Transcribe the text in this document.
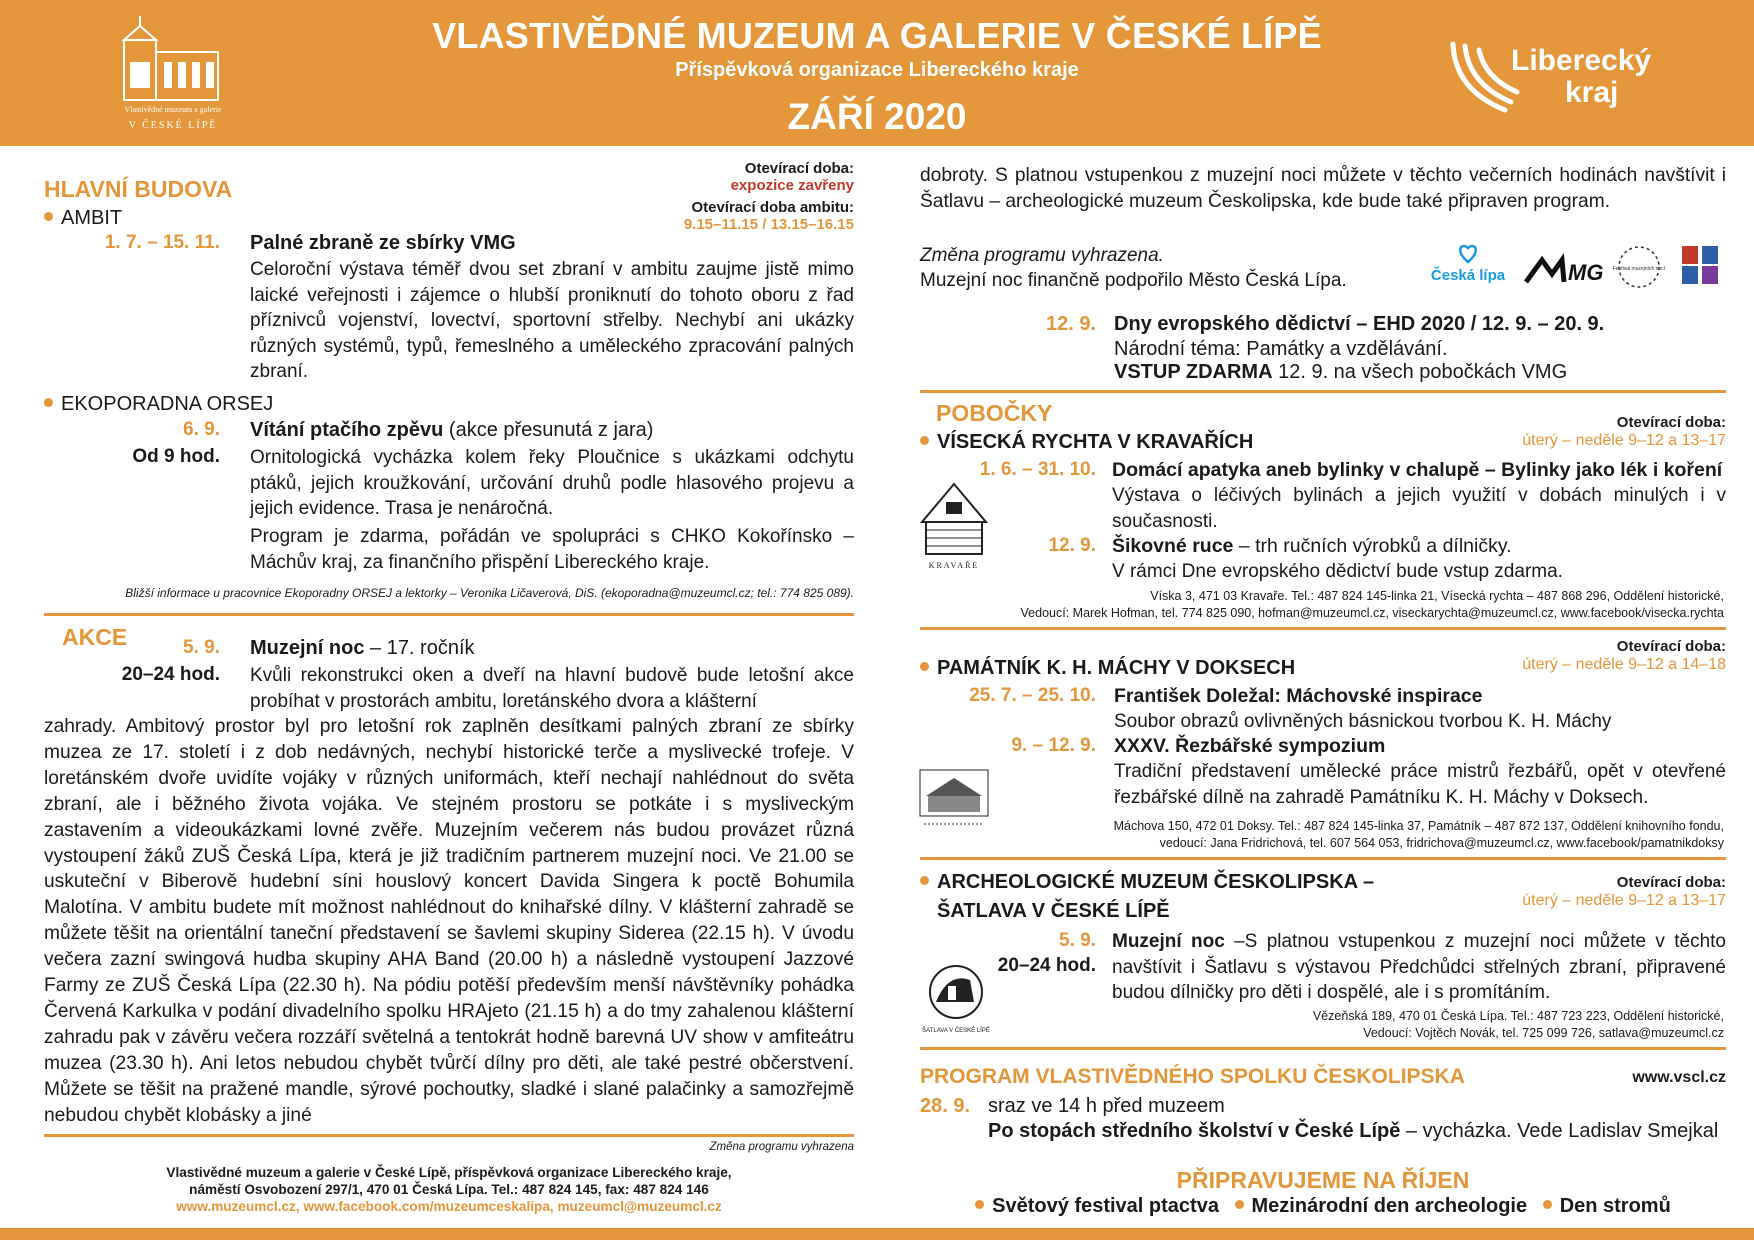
Vlastivědné muzeum a galerie
V ČESKÉ LÍPĚ
VLASTIVĚDNÉ MUZEUM A GALERIE V ČESKÉ LÍPĚ
Příspěvková organizace Libereckého kraje
ZÁŘÍ 2020
Liberecký
kraj
HLAVNÍ BUDOVA
Otevírací doba:
expozice zavřeny
Otevírací doba ambitu:
9.15–11.15 / 13.15–16.15
AMBIT
1. 7. – 15. 11. Palné zbraně ze sbírky VMG
Celoroční výstava téměř dvou set zbraní v ambitu zaujme jistě mimo laické veřejnosti i zájemce o hlubší proniknutí do tohoto oboru z řad příznivců vojenství, lovectví, sportovní střelby. Nechybí ani ukázky různých systémů, typů, řemeslného a uměleckého zpracování palných zbraní.
EKOPORADNA ORSEJ
6. 9.
Od 9 hod.
Vítání ptačího zpěvu (akce přesunutá z jara)
Ornitologická vycházka kolem řeky Ploučnice s ukázkami odchytu ptáků, jejich kroužkování, určování druhů podle hlasového projevu a jejich evidence. Trasa je nenáročná.
Program je zdarma, pořádán ve spolupráci s CHKO Kokořínsko – Máchův kraj, za finančního přispění Libereckého kraje.
Bližší informace u pracovnice Ekoporadny ORSEJ a lektorky – Veronika Ličaverová, DiS. (ekoporadna@muzeumcl.cz; tel.: 774 825 089).
AKCE	5. 9.
20–24 hod.
Muzejní noc – 17. ročník
Kvůli rekonstrukci oken a dveří na hlavní budově bude letošní akce probíhat v prostorách ambitu, loretánského dvora a klášterní
zahrady. Ambitový prostor byl pro letošní rok zaplněn desítkami palných zbraní ze sbírky muzea ze 17. století i z dob nedávných, nechybí historické terče a myslivecké trofeje. V loretánském dvoře uvidíte vojáky v různých uniformách, kteří nechají nahlédnout do světa zbraní, ale i běžného života vojáka. Ve stejném prostoru se potkáte i s mysliveckým zastavením a videoukázkami lovné zvěře. Muzejním večerem nás budou provázet různá vystoupení žáků ZUŠ Česká Lípa, která je již tradičním partnerem muzejní noci. Ve 21.00 se uskuteční v Biberově hudební síni houslový koncert Davida Singera k poctě Bohumila Malotína. V ambitu budete mít možnost nahlédnout do knihařské dílny. V klášterní zahradě se můžete těšit na orientální taneční představení se šavlemi skupiny Siderea (22.15 h). V úvodu večera zazní swingová hudba skupiny AHA Band (20.00 h) a následně vystoupení Jazzové Farmy ze ZUŠ Česká Lípa (22.30 h). Na pódiu potěší především menší návštěvníky pohádka Červená Karkulka v podání divadelního spolku HRAjeto (21.15 h) a do tmy zahalenou klášterní zahradu pak v závěru večera rozzáří světelná a tentokrát hodně barevná UV show v amfiteátru muzea (23.30 h). Ani letos nebudou chybět tvůrčí dílny pro děti, ale také pestré občerstvení. Můžete se těšit na pražené mandle, sýrové pochoutky, sladké i slané palačinky a samozřejmě nebudou chybět klobásky a jiné
Změna programu vyhrazena
Vlastivědné muzeum a galerie v České Lípě, příspěvková organizace Libereckého kraje,
náměstí Osvobození 297/1, 470 01 Česká Lípa. Tel.: 487 824 145, fax: 487 824 146
www.muzeumcl.cz, www.facebook.com/muzeumceskalipa, muzeumcl@muzeumcl.cz
dobroty. S platnou vstupenkou z muzejní noci můžete v těchto večerních hodinách navštívit i Šatlavu – archeologické muzeum Českolipska, kde bude také připraven program.
Změna programu vyhrazena.
Muzejní noc finančně podpořilo Město Česká Lípa.	Česká lípa	MG Festival muzejních nocí
12. 9. Dny evropského dědictví – EHD 2020 / 12. 9. – 20. 9.
Národní téma: Památky a vzdělávání.
VSTUP ZDARMA 12. 9. na všech pobočkách VMG
POBOČKY	Otevírací doba:
úterý – neděle 9–12 a 13–17
VÍSECKÁ RYCHTA V KRAVAŘÍCH
1. 6. – 31. 10. Domácí apatyka aneb bylinky v chalupě – Bylinky jako lék i koření
Výstava o léčivých bylinách a jejich využití v dobách minulých i v současnosti.
12. 9. Šikovné ruce – trh ručních výrobků a dílničky.
V rámci Dne evropského dědictví bude vstup zdarma.
KRAVAŘE
Víska 3, 471 03 Kravaře. Tel.: 487 824 145-linka 21, Vísecká rychta – 487 868 296, Oddělení historické,
Vedoucí: Marek Hofman, tel. 774 825 090, hofman@muzeumcl.cz, viseckarychta@muzeumcl.cz, www.facebook/visecka.rychta
Otevírací doba:
úterý – neděle 9–12 a 14–18
PAMÁTNÍK K. H. MÁCHY V DOKSECH
25. 7. – 25. 10. František Doležal: Máchovské inspirace
Soubor obrazů ovlivněných básnickou tvorbou K. H. Máchy
9. – 12. 9. XXXV. Řezbářské sympozium
Tradiční představení umělecké práce mistrů řezbářů, opět v otevřené řezbářské dílně na zahradě Památníku K. H. Máchy v Doksech.
Máchova 150, 472 01 Doksy. Tel.: 487 824 145-linka 37, Památník – 487 872 137, Oddělení knihovního fondu,
vedoucí: Jana Fridrichová, tel. 607 564 053, fridrichova@muzeumcl.cz, www.facebook/pamatnikdoksy
ARCHEOLOGICKÉ MUZEUM ČESKOLIPSKA –
ŠATLAVA V ČESKÉ LÍPĚ
Otevírací doba:
úterý – neděle 9–12 a 13–17
5. 9.
20–24 hod.
Muzejní noc –S platnou vstupenkou z muzejní noci můžete v těchto navštívit i Šatlavu s výstavou Předchůdci střelných zbraní, připravené budou dílničky pro děti i dospělé, ale i s promítáním.
ŠATLAVA V ČESKÉ LÍPĚ
Vězeňská 189, 470 01 Česká Lípa. Tel.: 487 723 223, Oddělení historické,
Vedoucí: Vojtěch Novák, tel. 725 099 726, satlava@muzeumcl.cz
PROGRAM VLASTIVĚDNÉHO SPOLKU ČESKOLIPSKA	www.vscl.cz
28. 9. sraz ve 14 h před muzeem
Po stopách středního školství v České Lípě – vycházka. Vede Ladislav Smejkal
PŘIPRAVUJEME NA ŘÍJEN
Světový festival ptactva Mezinárodní den archeologie Den stromů
